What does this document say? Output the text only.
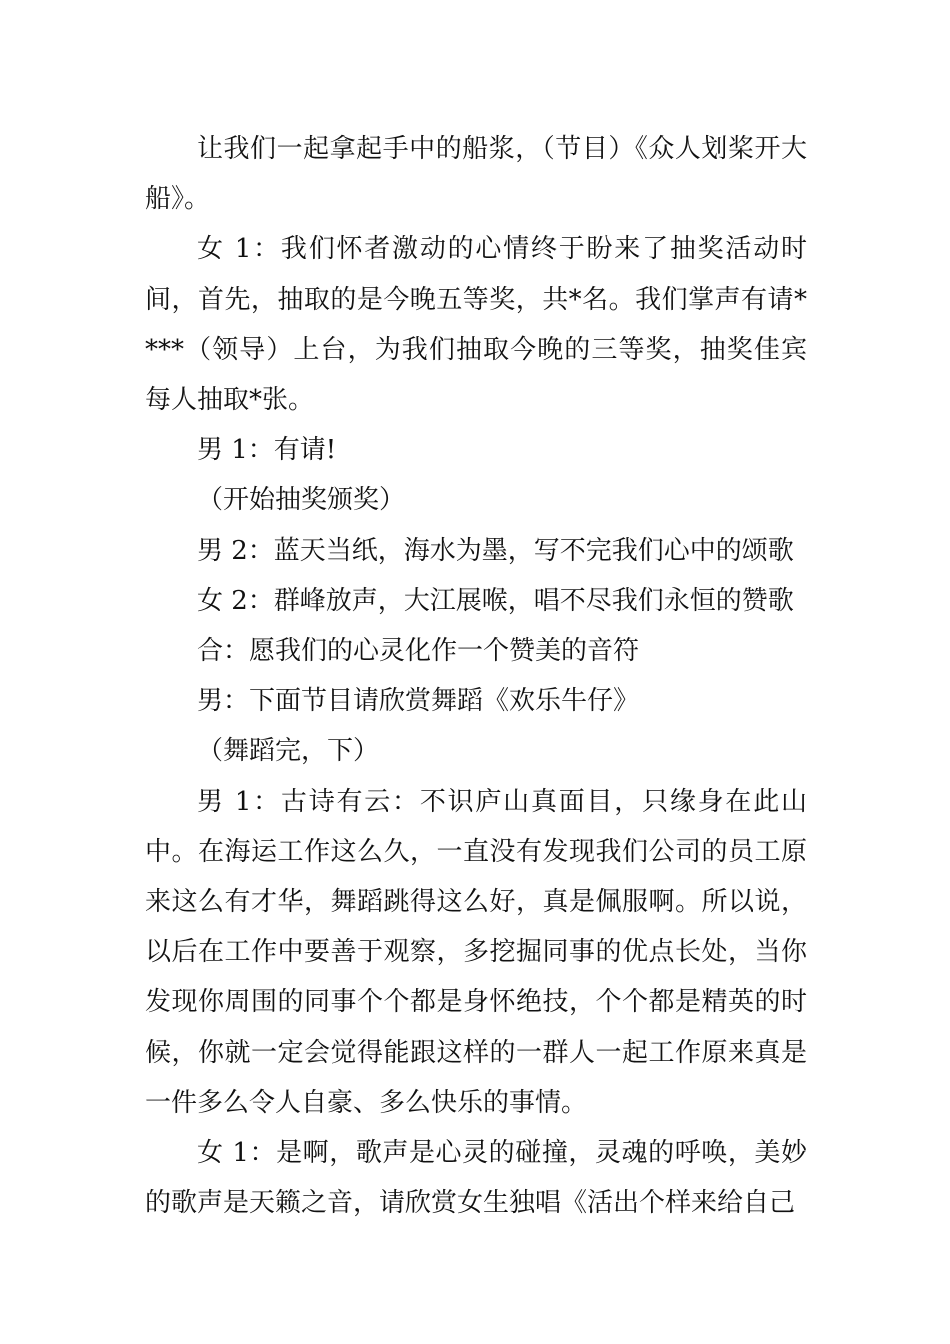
让我们一起拿起手中的船浆，（节目）《众人划桨开大船》。

女 1：我们怀者激动的心情终于盼来了抽奖活动时间，首先，抽取的是今晚五等奖，共*名。我们掌声有请****（领导）上台，为我们抽取今晚的三等奖，抽奖佳宾每人抽取*张。

男 1：有请!

（开始抽奖颁奖）

男 2：蓝天当纸，海水为墨，写不完我们心中的颂歌

女 2：群峰放声，大江展喉，唱不尽我们永恒的赞歌

合：愿我们的心灵化作一个赞美的音符

男：下面节目请欣赏舞蹈《欢乐牛仔》

（舞蹈完，下）

男 1：古诗有云：不识庐山真面目，只缘身在此山中。在海运工作这么久，一直没有发现我们公司的员工原来这么有才华，舞蹈跳得这么好，真是佩服啊。所以说，以后在工作中要善于观察，多挖掘同事的优点长处，当你发现你周围的同事个个都是身怀绝技，个个都是精英的时候，你就一定会觉得能跟这样的一群人一起工作原来真是一件多么令人自豪、多么快乐的事情。

女 1：是啊，歌声是心灵的碰撞，灵魂的呼唤，美妙的歌声是天籁之音，请欣赏女生独唱《活出个样来给自己
